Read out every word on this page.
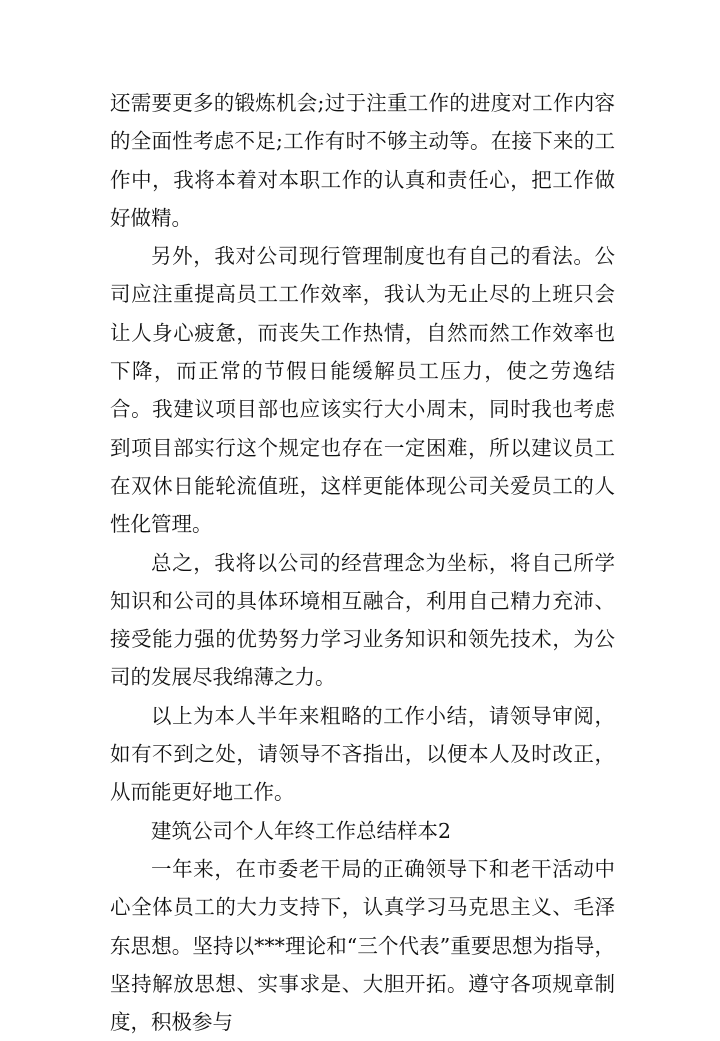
还需要更多的锻炼机会;过于注重工作的进度对工作内容的全面性考虑不足;工作有时不够主动等。在接下来的工作中，我将本着对本职工作的认真和责任心，把工作做好做精。

另外，我对公司现行管理制度也有自己的看法。公司应注重提高员工工作效率，我认为无止尽的上班只会让人身心疲惫，而丧失工作热情，自然而然工作效率也下降，而正常的节假日能缓解员工压力，使之劳逸结合。我建议项目部也应该实行大小周末，同时我也考虑到项目部实行这个规定也存在一定困难，所以建议员工在双休日能轮流值班，这样更能体现公司关爱员工的人性化管理。

总之，我将以公司的经营理念为坐标，将自己所学知识和公司的具体环境相互融合，利用自己精力充沛、接受能力强的优势努力学习业务知识和领先技术，为公司的发展尽我绵薄之力。

以上为本人半年来粗略的工作小结，请领导审阅，如有不到之处，请领导不吝指出，以便本人及时改正，从而能更好地工作。

建筑公司个人年终工作总结样本2

一年来，在市委老干局的正确领导下和老干活动中心全体员工的大力支持下，认真学习马克思主义、毛泽东思想。坚持以***理论和“三个代表”重要思想为指导，坚持解放思想、实事求是、大胆开拓。遵守各项规章制度，积极参与
